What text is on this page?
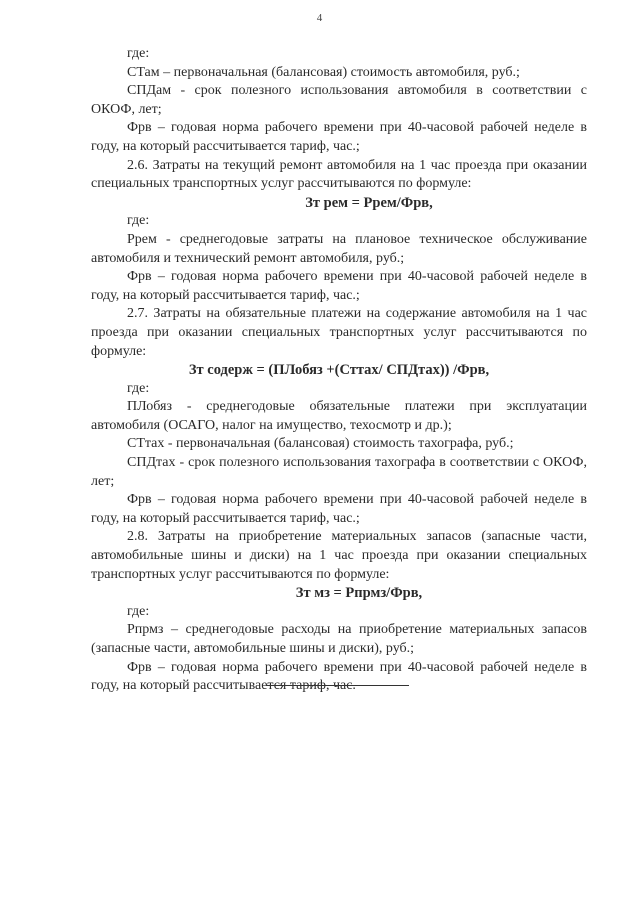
4

где:

СТам – первоначальная (балансовая) стоимость автомобиля, руб.;

СПДам - срок полезного использования автомобиля в соответствии с ОКОФ, лет;

Фрв – годовая норма рабочего времени при 40-часовой рабочей неделе в году, на который рассчитывается тариф, час.;

2.6. Затраты на текущий ремонт автомобиля на 1 час проезда при оказании специальных транспортных услуг рассчитываются по формуле:

Зт рем = Ррем/Фрв,

где:

Ррем - среднегодовые затраты на плановое техническое обслуживание автомобиля и технический ремонт автомобиля, руб.;

Фрв – годовая норма рабочего времени при 40-часовой рабочей неделе в году, на который рассчитывается тариф, час.;

2.7. Затраты на обязательные платежи на содержание автомобиля на 1 час проезда при оказании специальных транспортных услуг рассчитываются по формуле:

Зт содерж = (ПЛобяз +(Сттах/ СПДтах)) /Фрв,

где:

ПЛобяз - среднегодовые обязательные платежи при эксплуатации автомобиля (ОСАГО, налог на имущество, техосмотр и др.);

СТтах - первоначальная (балансовая) стоимость тахографа, руб.;

СПДтах - срок полезного использования тахографа в соответствии с ОКОФ, лет;

Фрв – годовая норма рабочего времени при 40-часовой рабочей неделе в году, на который рассчитывается тариф, час.;

2.8. Затраты на приобретение материальных запасов (запасные части, автомобильные шины и диски) на 1 час проезда при оказании специальных транспортных услуг рассчитываются по формуле:

Зт мз = Рпрмз/Фрв,

где:

Рпрмз – среднегодовые расходы на приобретение материальных запасов (запасные части, автомобильные шины и диски), руб.;

Фрв – годовая норма рабочего времени при 40-часовой рабочей неделе в году, на который рассчитывается тариф, час.
